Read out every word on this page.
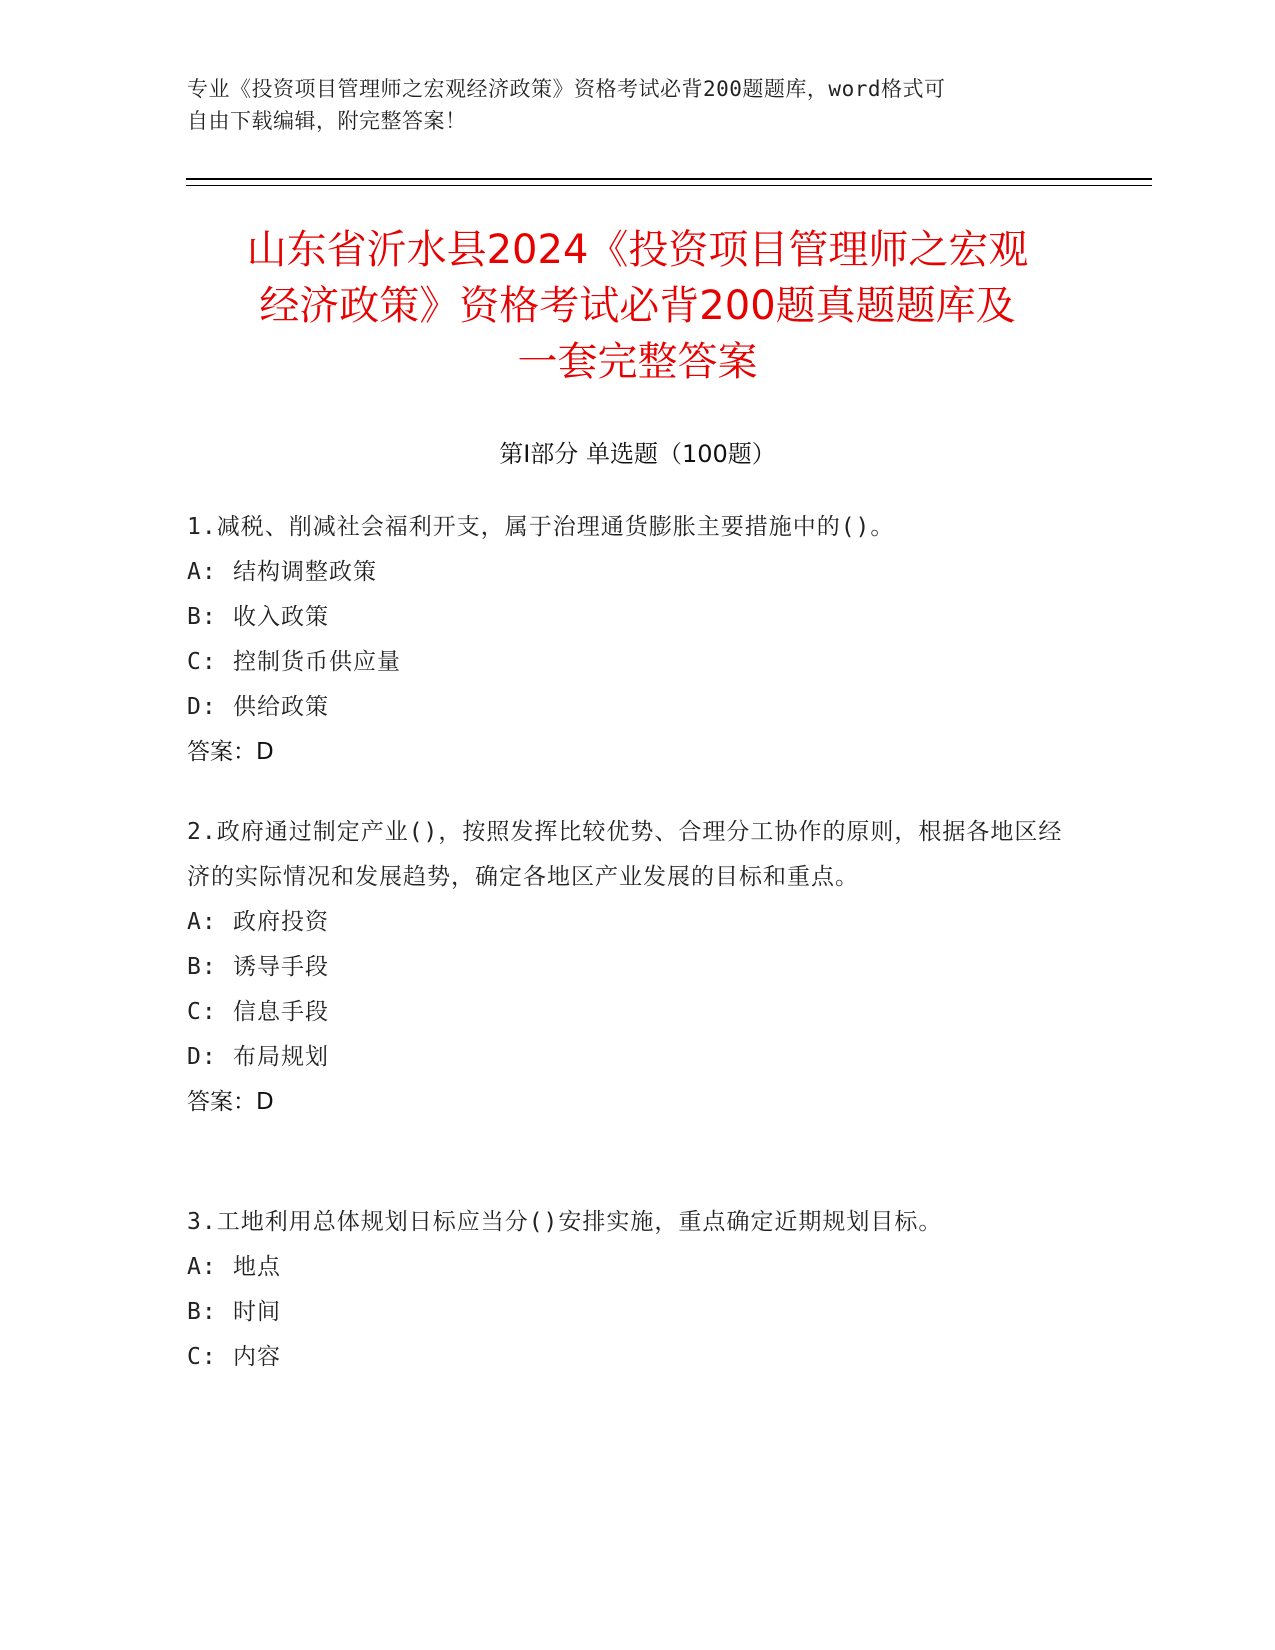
专业《投资项目管理师之宏观经济政策》资格考试必背200题题库，word格式可
自由下载编辑，附完整答案！
山东省沂水县2024《投资项目管理师之宏观
经济政策》资格考试必背200题真题题库及
一套完整答案
第Ⅰ部分 单选题（100题）

1.减税、削减社会福利开支，属于治理通货膨胀主要措施中的()。

A: 结构调整政策

B: 收入政策

C: 控制货币供应量

D: 供给政策

答案：D

2.政府通过制定产业()，按照发挥比较优势、合理分工协作的原则，根据各地区经济的实际情况和发展趋势，确定各地区产业发展的目标和重点。

A: 政府投资

B: 诱导手段

C: 信息手段

D: 布局规划

答案：D

3.工地利用总体规划日标应当分()安排实施，重点确定近期规划目标。

A: 地点

B: 时间

C: 内容
